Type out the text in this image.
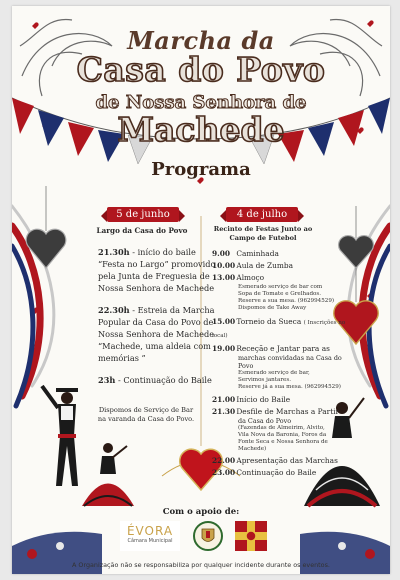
Marcha da

Casa do Povo

de Nossa Senhora de

Machede

Programa

5 de junho

Largo da Casa do Povo

21.30h - início do baile
“Festa no Largo” promovido
pela Junta de Freguesia de
Nossa Senhora de Machede
22.30h - Estreia da Marcha
Popular da Casa do Povo de
Nossa Senhora de Machede
“Machede, uma aldeia com
memórias ”
23h - Continuação do Baile
Dispomos de Serviço de Bar
na varanda da Casa do Povo.
4 de julho
Recinto de Festas Junto ao
Campo de Futebol
9.00 Caminhada
10.00 Aula de Zumba
13.00 Almoço
Esmerado serviço de bar com
Sopa de Tomate e Grelhados.
Reserve a sua mesa. (962994529)
Dispomos de Take Away
15.00 Torneio da Sueca ( Inscrições no local)
19.00 Receção e Jantar para as
marchas convidadas na Casa do Povo
Esmerado serviço de bar,
Servimos jantares.
Reserve já a sua mesa. (962994529)
21.00 Início do Baile
21.30 Desfile de Marchas a Partir
da Casa do Povo
(Fazendas de Almeirim, Alvito,
Vila Nova da Baronia, Foros da
Fonte Seca e Nossa Senhora de Machede)
22.00 Apresentação das Marchas
23.00 Continuação do Baile

Com o apoio de:

ÉVORA
Câmara Municipal

A Organização não se responsabiliza por qualquer incidente durante os eventos.
